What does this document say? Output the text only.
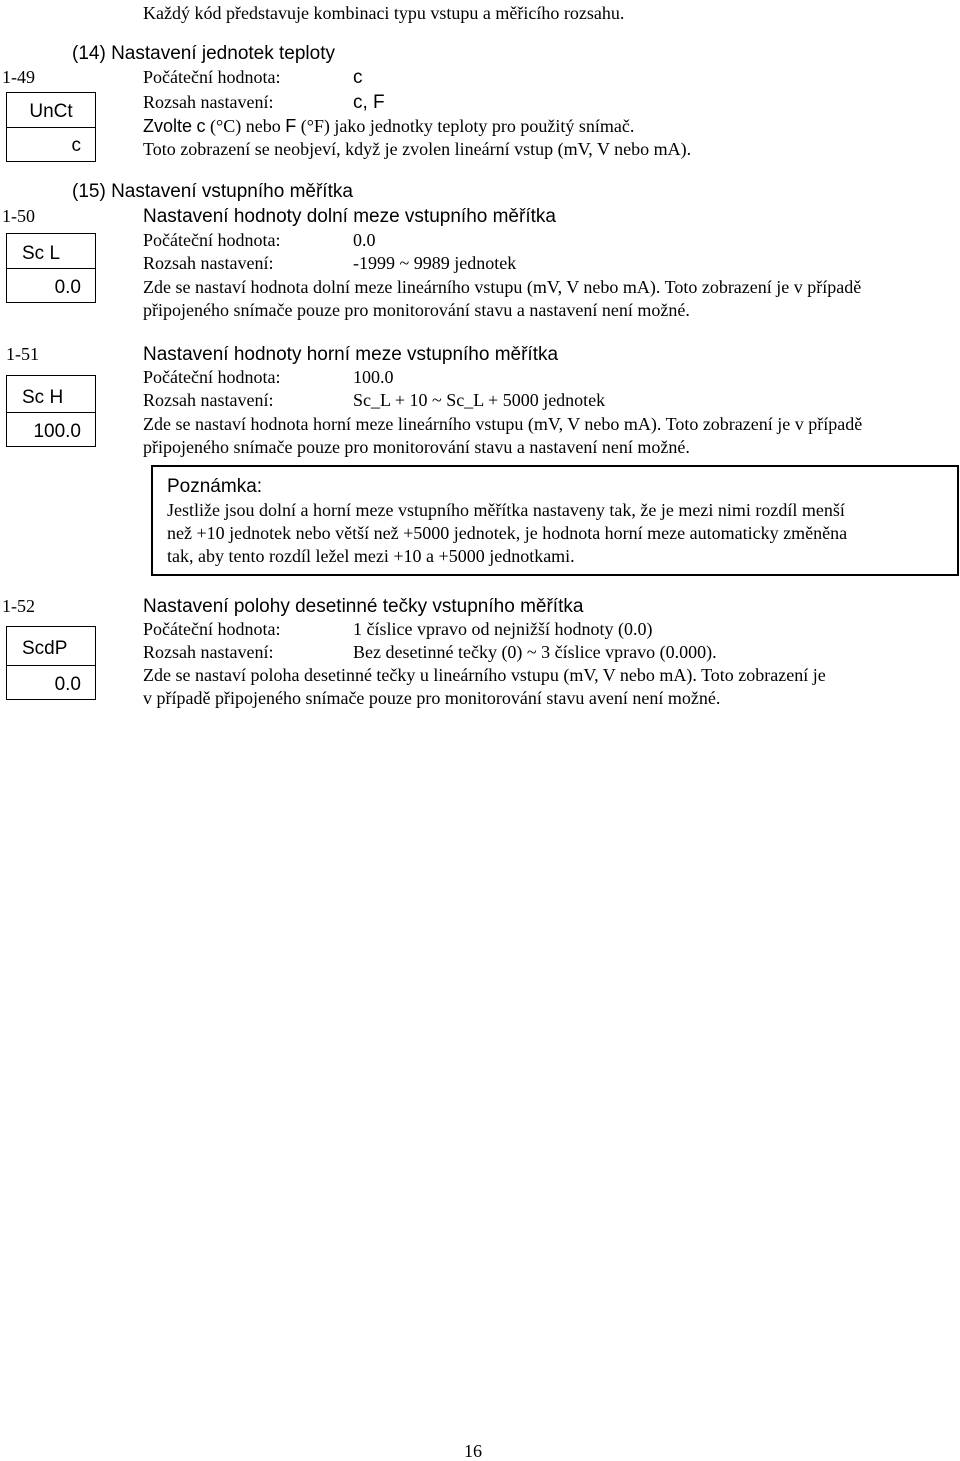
Každý kód představuje kombinaci typu vstupu a měřicího rozsahu.
(14) Nastavení jednotek teploty
1-49
UnCt
c
Počáteční hodnota:	c
Rozsah nastavení:	c, F
Zvolte c (°C) nebo F (°F) jako jednotky teploty pro použitý snímač.
Toto zobrazení se neobjeví, když je zvolen lineární vstup (mV, V nebo mA).
(15) Nastavení vstupního měřítka
1-50	Nastavení hodnoty dolní meze vstupního měřítka
Sc L
0.0
Počáteční hodnota:	0.0
Rozsah nastavení:	-1999 ~ 9989 jednotek
Zde se nastaví hodnota dolní meze lineárního vstupu (mV, V nebo mA). Toto zobrazení je v případě
připojeného snímače pouze pro monitorování stavu a nastavení není možné.
1-51	Nastavení hodnoty horní meze vstupního měřítka
Sc H
100.0
Počáteční hodnota:	100.0
Rozsah nastavení:	Sc_L + 10 ~ Sc_L + 5000 jednotek
Zde se nastaví hodnota horní meze lineárního vstupu (mV, V nebo mA). Toto zobrazení je v případě
připojeného snímače pouze pro monitorování stavu a nastavení není možné.
Poznámka:
Jestliže jsou dolní a horní meze vstupního měřítka nastaveny tak, že je mezi nimi rozdíl menší
než +10 jednotek nebo větší než +5000 jednotek, je hodnota horní meze automaticky změněna
tak, aby tento rozdíl ležel mezi +10 a +5000 jednotkami.
1-52	Nastavení polohy desetinné tečky vstupního měřítka
ScdP
0.0
Počáteční hodnota:	1 číslice vpravo od nejnižší hodnoty (0.0)
Rozsah nastavení:	Bez desetinné tečky (0) ~ 3 číslice vpravo (0.000).
Zde se nastaví poloha desetinné tečky u lineárního vstupu (mV, V nebo mA). Toto zobrazení je
v případě připojeného snímače pouze pro monitorování stavu avení není možné.
16
